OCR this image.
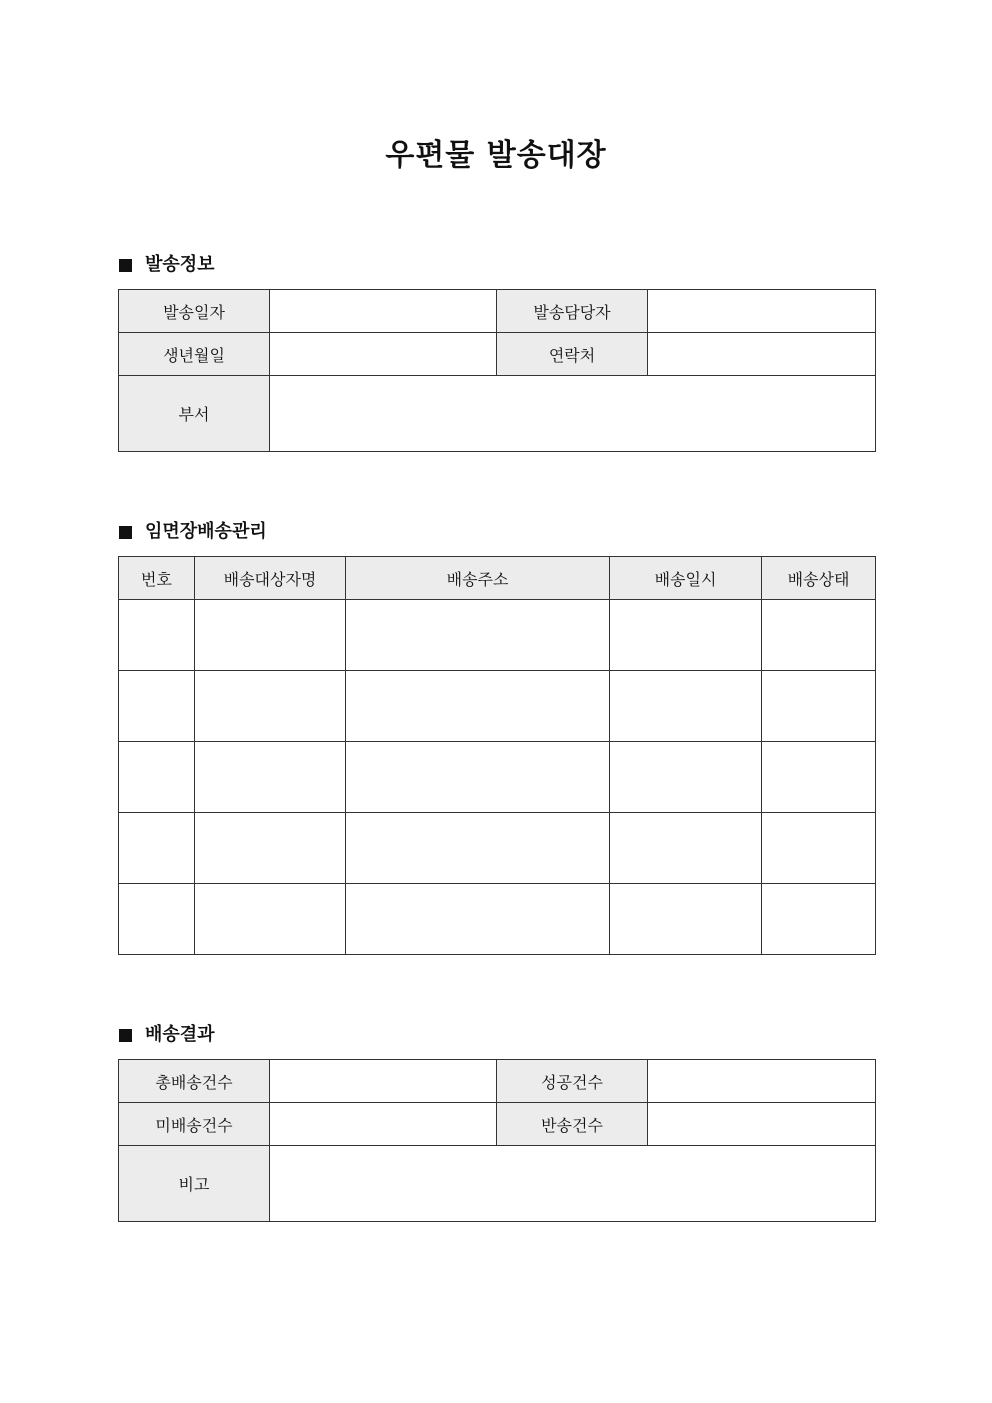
우편물 발송대장
발송정보
발송일자		발송담당자	
생년월일		연락처	
부서			
임면장배송관리
번호	배송대상자명	배송주소	배송일시	배송상태

배송결과
총배송건수		성공건수	
미배송건수		반송건수	
비고			
